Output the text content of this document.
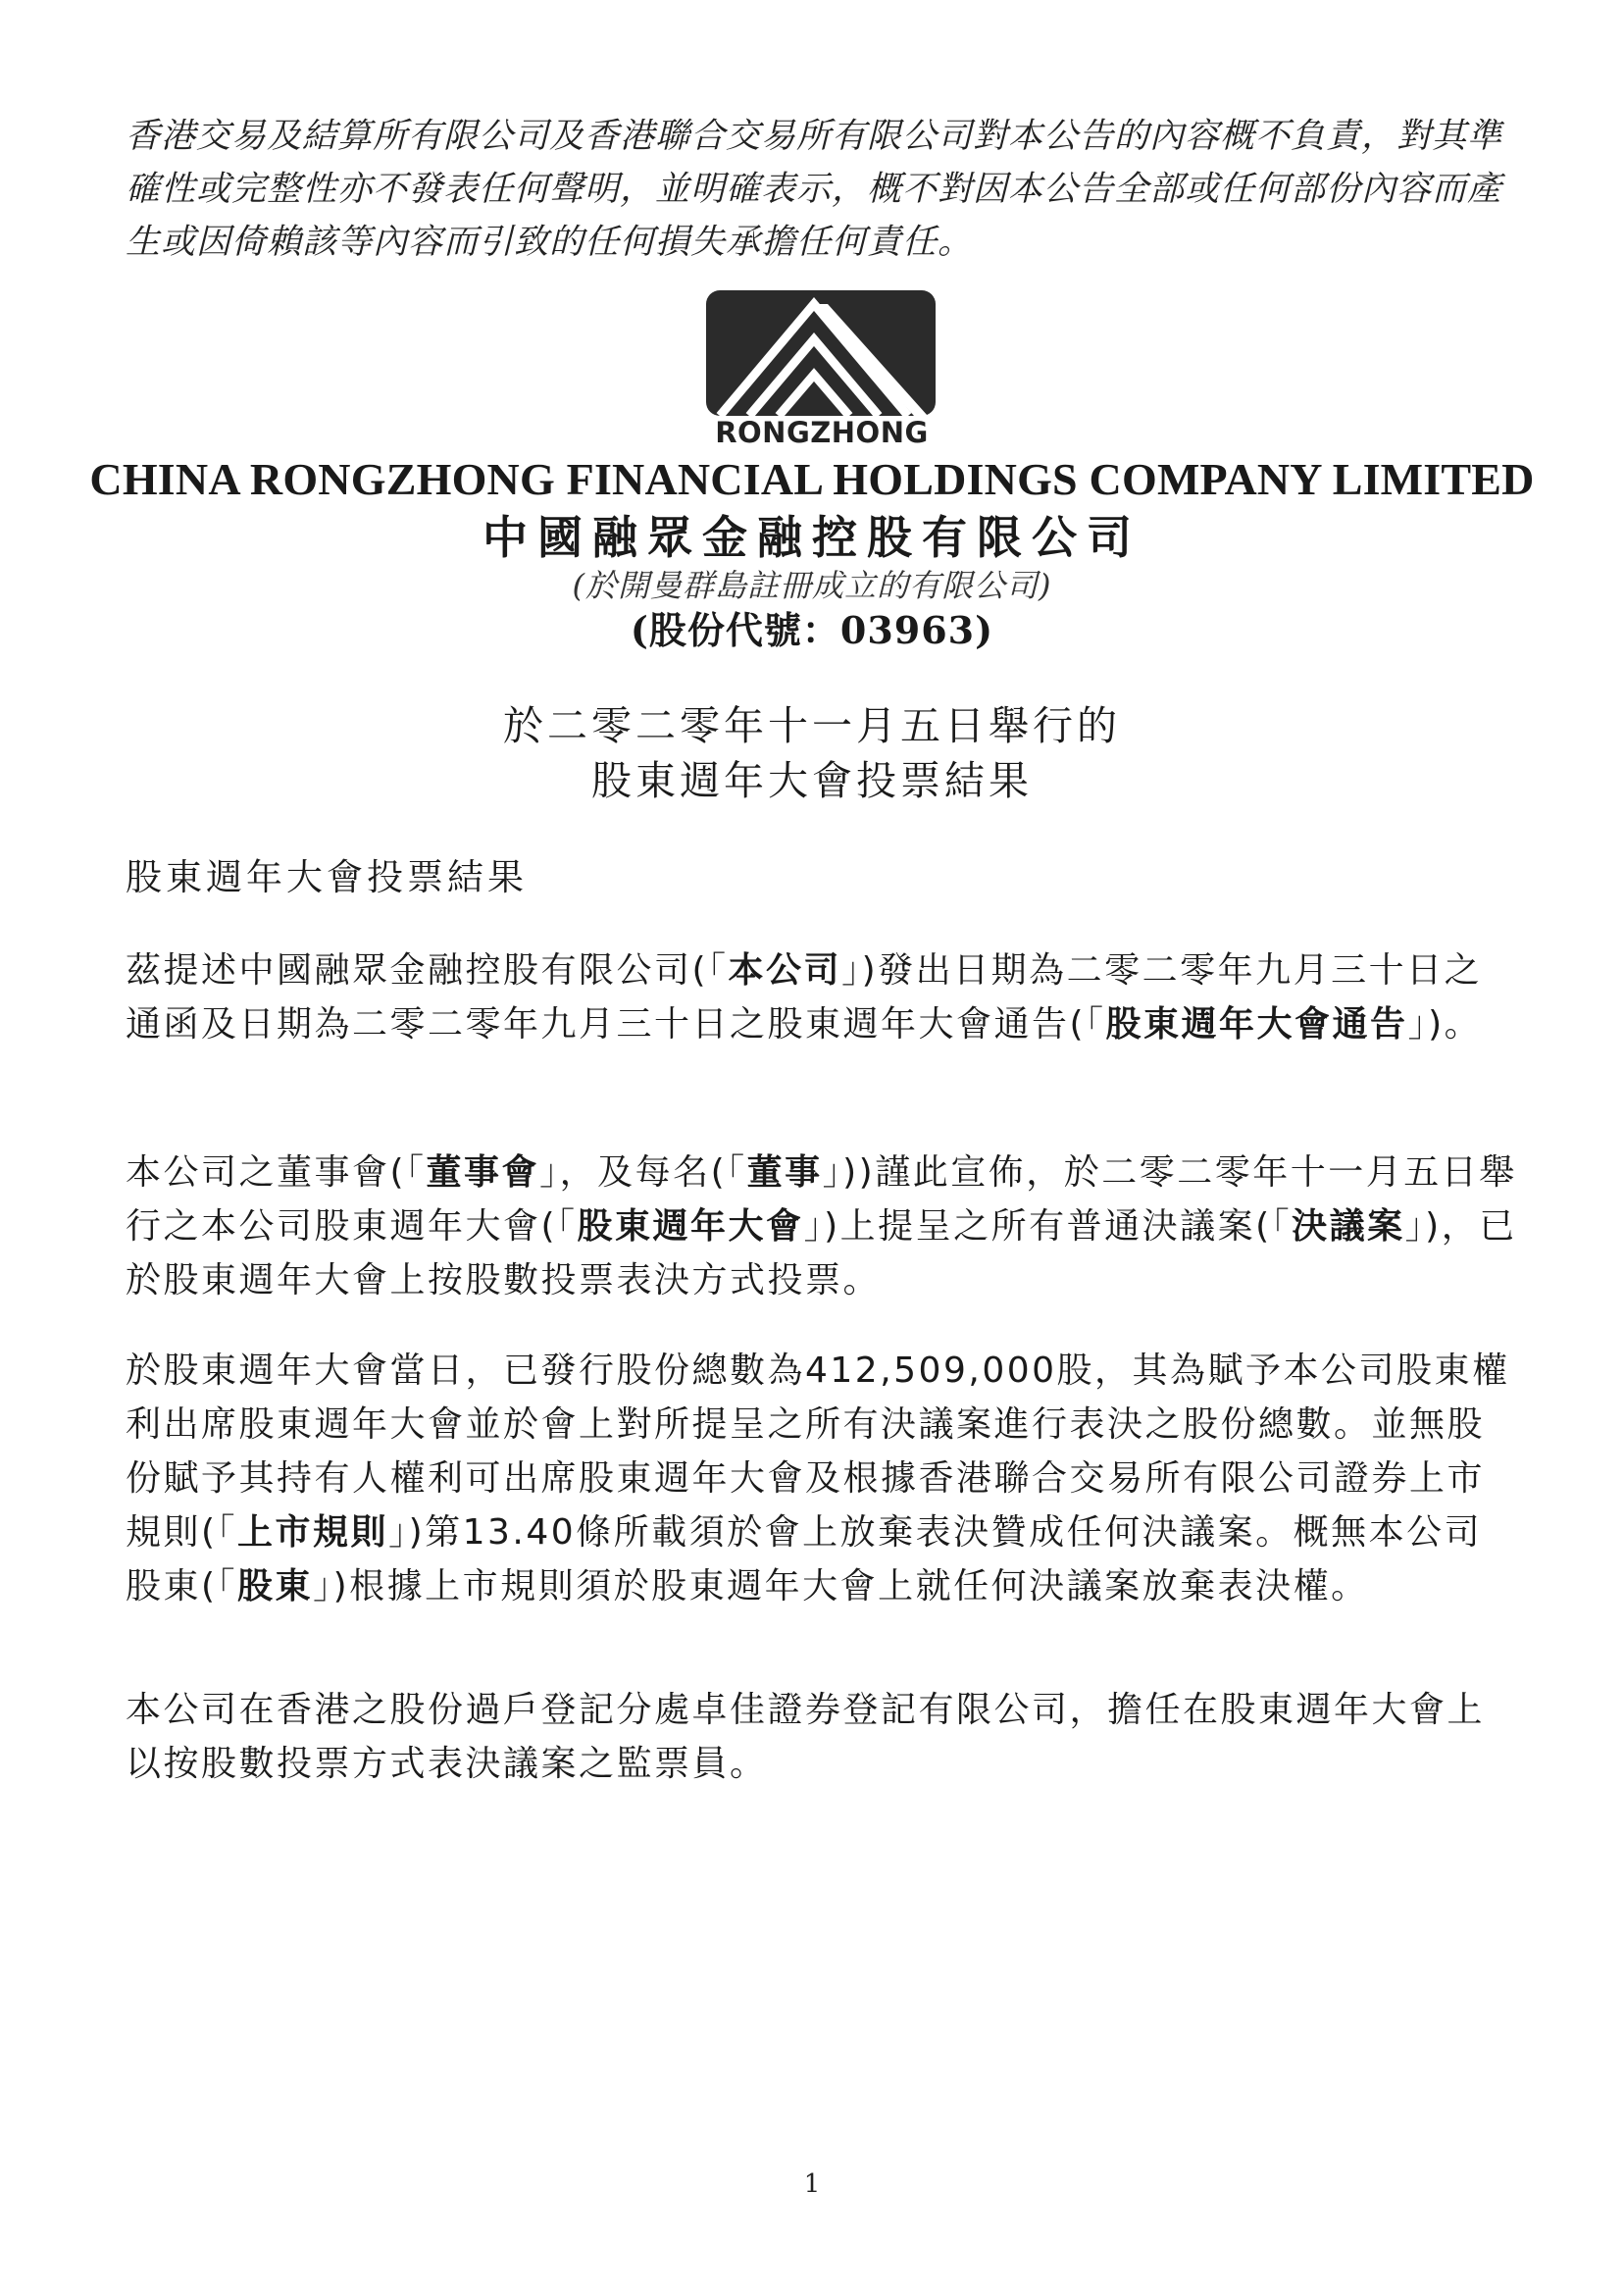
香港交易及結算所有限公司及香港聯合交易所有限公司對本公告的內容概不負責，對其準確性或完整性亦不發表任何聲明，並明確表示，概不對因本公告全部或任何部份內容而產生或因倚賴該等內容而引致的任何損失承擔任何責任。
RONGZHONG
CHINA RONGZHONG FINANCIAL HOLDINGS COMPANY LIMITED
中國融眾金融控股有限公司
(於開曼群島註冊成立的有限公司)
(股份代號：03963)
於二零二零年十一月五日舉行的
股東週年大會投票結果
股東週年大會投票結果
茲提述中國融眾金融控股有限公司(「本公司」)發出日期為二零二零年九月三十日之通函及日期為二零二零年九月三十日之股東週年大會通告(「股東週年大會通告」)。
本公司之董事會(「董事會」，及每名(「董事」))謹此宣佈，於二零二零年十一月五日舉行之本公司股東週年大會(「股東週年大會」)上提呈之所有普通決議案(「決議案」)，已於股東週年大會上按股數投票表決方式投票。
於股東週年大會當日，已發行股份總數為412,509,000股，其為賦予本公司股東權利出席股東週年大會並於會上對所提呈之所有決議案進行表決之股份總數。並無股份賦予其持有人權利可出席股東週年大會及根據香港聯合交易所有限公司證券上市規則(「上市規則」)第13.40條所載須於會上放棄表決贊成任何決議案。概無本公司股東(「股東」)根據上市規則須於股東週年大會上就任何決議案放棄表決權。
本公司在香港之股份過戶登記分處卓佳證券登記有限公司，擔任在股東週年大會上以按股數投票方式表決議案之監票員。
1
